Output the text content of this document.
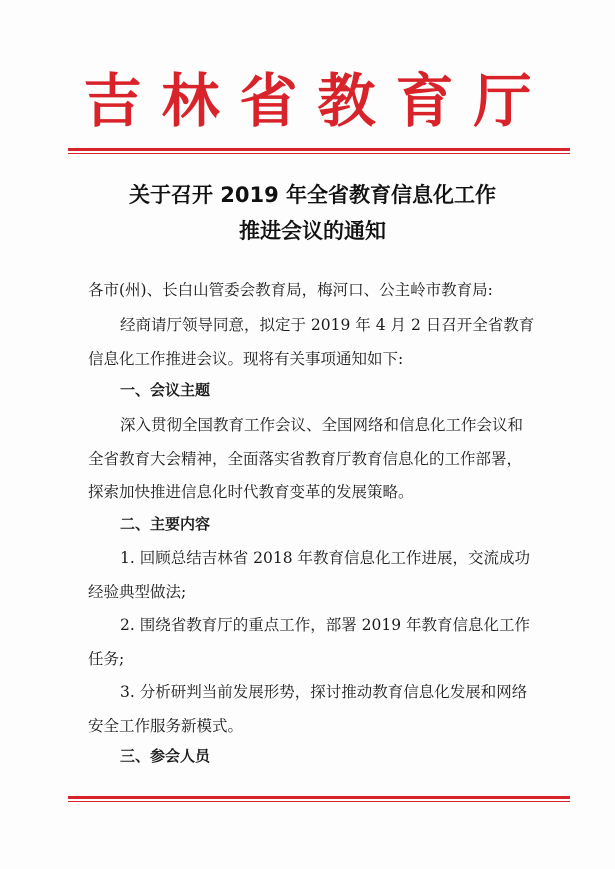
吉林省教育厅
关于召开 2019 年全省教育信息化工作
推进会议的通知
各市(州)、长白山管委会教育局，梅河口、公主岭市教育局:
经商请厅领导同意，拟定于 2019 年 4 月 2 日召开全省教育
信息化工作推进会议。现将有关事项通知如下:
一、会议主题
深入贯彻全国教育工作会议、全国网络和信息化工作会议和
全省教育大会精神，全面落实省教育厅教育信息化的工作部署，
探索加快推进信息化时代教育变革的发展策略。
二、主要内容
1. 回顾总结吉林省 2018 年教育信息化工作进展，交流成功
经验典型做法;
2. 围绕省教育厅的重点工作，部署 2019 年教育信息化工作
任务;
3. 分析研判当前发展形势，探讨推动教育信息化发展和网络
安全工作服务新模式。
三、参会人员
